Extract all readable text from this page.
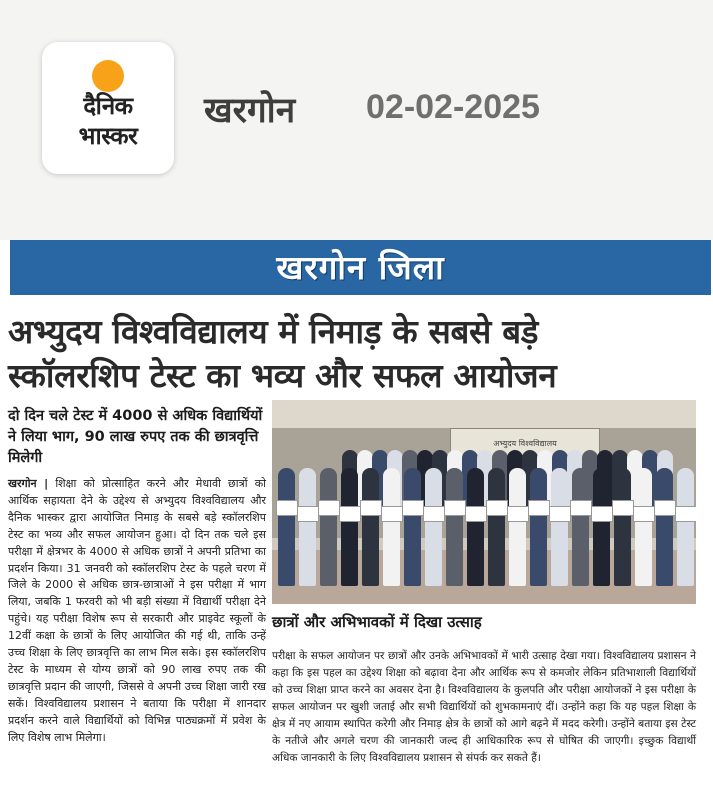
दैनिक
भास्कर
खरगोन 02-02-2025
खरगोन जिला
अभ्युदय विश्वविद्यालय में निमाड़ के सबसे बड़े
स्कॉलरशिप टेस्ट का भव्य और सफल आयोजन
दो दिन चले टेस्ट में 4000 से अधिक विद्यार्थियों ने लिया भाग, 90 लाख रुपए तक की छात्रवृत्ति मिलेगी
खरगोन | शिक्षा को प्रोत्साहित करने और मेधावी छात्रों को आर्थिक सहायता देने के उद्देश्य से अभ्युदय विश्वविद्यालय और दैनिक भास्कर द्वारा आयोजित निमाड़ के सबसे बड़े स्कॉलरशिप टेस्ट का भव्य और सफल आयोजन हुआ। दो दिन तक चले इस परीक्षा में क्षेत्रभर के 4000 से अधिक छात्रों ने अपनी प्रतिभा का प्रदर्शन किया। 31 जनवरी को स्कॉलरशिप टेस्ट के पहले चरण में जिले के 2000 से अधिक छात्र-छात्राओं ने इस परीक्षा में भाग लिया, जबकि 1 फरवरी को भी बड़ी संख्या में विद्यार्थी परीक्षा देने पहुंचे। यह परीक्षा विशेष रूप से सरकारी और प्राइवेट स्कूलों के 12वीं कक्षा के छात्रों के लिए आयोजित की गई थी, ताकि उन्हें उच्च शिक्षा के लिए छात्रवृत्ति का लाभ मिल सके। इस स्कॉलरशिप टेस्ट के माध्यम से योग्य छात्रों को 90 लाख रुपए तक की छात्रवृत्ति प्रदान की जाएगी, जिससे वे अपनी उच्च शिक्षा जारी रख सकें। विश्वविद्यालय प्रशासन ने बताया कि परीक्षा में शानदार प्रदर्शन करने वाले विद्यार्थियों को विभिन्न पाठ्यक्रमों में प्रवेश के लिए विशेष लाभ मिलेगा।
अभ्युदय विश्वविद्यालय
छात्रों और अभिभावकों में दिखा उत्साह
परीक्षा के सफल आयोजन पर छात्रों और उनके अभिभावकों में भारी उत्साह देखा गया। विश्वविद्यालय प्रशासन ने कहा कि इस पहल का उद्देश्य शिक्षा को बढ़ावा देना और आर्थिक रूप से कमजोर लेकिन प्रतिभाशाली विद्यार्थियों को उच्च शिक्षा प्राप्त करने का अवसर देना है। विश्वविद्यालय के कुलपति और परीक्षा आयोजकों ने इस परीक्षा के सफल आयोजन पर खुशी जताई और सभी विद्यार्थियों को शुभकामनाएं दीं। उन्होंने कहा कि यह पहल शिक्षा के क्षेत्र में नए आयाम स्थापित करेगी और निमाड़ क्षेत्र के छात्रों को आगे बढ़ने में मदद करेगी। उन्होंने बताया इस टेस्ट के नतीजे और अगले चरण की जानकारी जल्द ही आधिकारिक रूप से घोषित की जाएगी। इच्छुक विद्यार्थी अधिक जानकारी के लिए विश्वविद्यालय प्रशासन से संपर्क कर सकते हैं।
